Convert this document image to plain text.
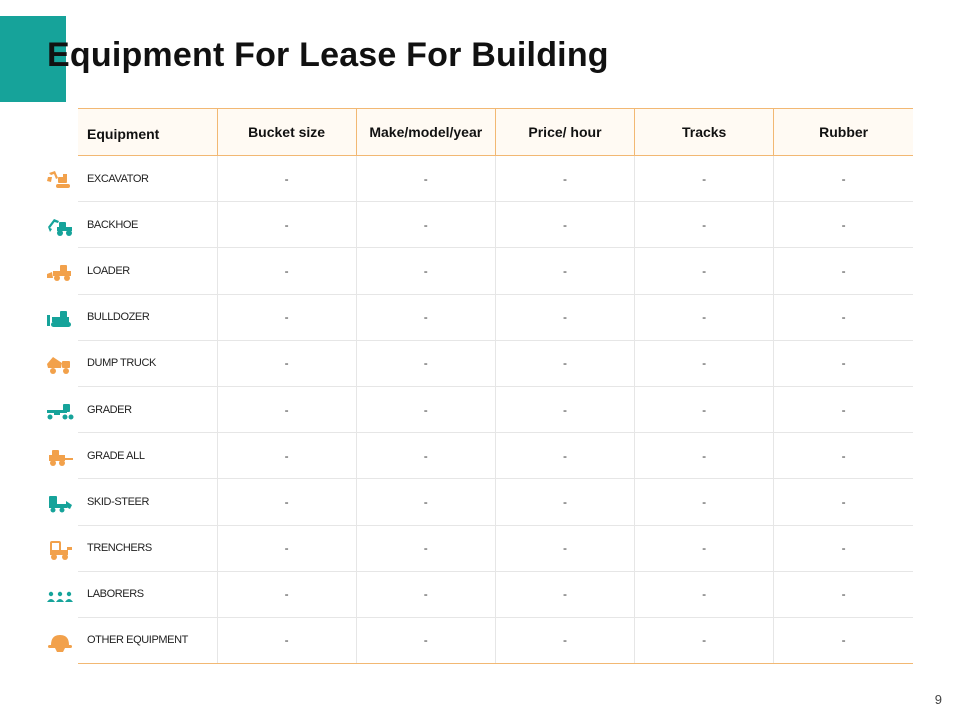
Equipment For Lease For Building
Equipment	Bucket size	Make/model/year	Price/ hour	Tracks	Rubber
EXCAVATOR	-	-	-	-	-
BACKHOE	-	-	-	-	-
LOADER	-	-	-	-	-
BULLDOZER	-	-	-	-	-
DUMP TRUCK	-	-	-	-	-
GRADER	-	-	-	-	-
GRADE ALL	-	-	-	-	-
SKID-STEER	-	-	-	-	-
TRENCHERS	-	-	-	-	-
LABORERS	-	-	-	-	-
OTHER EQUIPMENT	-	-	-	-	-
9
